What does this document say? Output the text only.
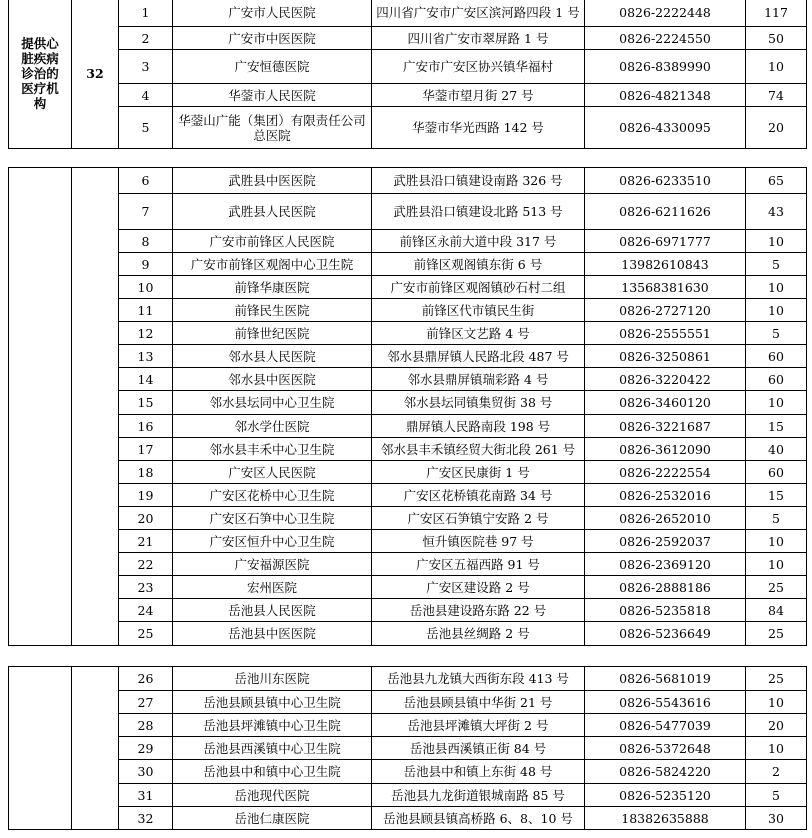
提供心
脏疾病
诊治的
医疗机
构	32	1	广安市人民医院	四川省广安市广安区滨河路四段 1 号	0826-2222448	117
		2	广安市中医医院	四川省广安市翠屏路 1 号	0826-2224550	50
		3	广安恒德医院	广安市广安区协兴镇华福村	0826-8389990	10
		4	华蓥市人民医院	华蓥市望月街 27 号	0826-4821348	74
		5	华蓥山广能（集团）有限责任公司总医院	华蓥市华光西路 142 号	0826-4330095	20
		6	武胜县中医医院	武胜县沿口镇建设南路 326 号	0826-6233510	65
		7	武胜县人民医院	武胜县沿口镇建设北路 513 号	0826-6211626	43
		8	广安市前锋区人民医院	前锋区永前大道中段 317 号	0826-6971777	10
		9	广安市前锋区观阁中心卫生院	前锋区观阁镇东街 6 号	13982610843	5
		10	前锋华康医院	广安市前锋区观阁镇砂石村二组	13568381630	10
		11	前锋民生医院	前锋区代市镇民生街	0826-2727120	10
		12	前锋世纪医院	前锋区文艺路 4 号	0826-2555551	5
		13	邻水县人民医院	邻水县鼎屏镇人民路北段 487 号	0826-3250861	60
		14	邻水县中医医院	邻水县鼎屏镇瑞彩路 4 号	0826-3220422	60
		15	邻水县坛同中心卫生院	邻水县坛同镇集贸街 38 号	0826-3460120	10
		16	邻水学仕医院	鼎屏镇人民路南段 198 号	0826-3221687	15
		17	邻水县丰禾中心卫生院	邻水县丰禾镇经贸大街北段 261 号	0826-3612090	40
		18	广安区人民医院	广安区民康街 1 号	0826-2222554	60
		19	广安区花桥中心卫生院	广安区花桥镇花南路 34 号	0826-2532016	15
		20	广安区石笋中心卫生院	广安区石笋镇宁安路 2 号	0826-2652010	5
		21	广安区恒升中心卫生院	恒升镇医院巷 97 号	0826-2592037	10
		22	广安福源医院	广安区五福西路 91 号	0826-2369120	10
		23	宏州医院	广安区建设路 2 号	0826-2888186	25
		24	岳池县人民医院	岳池县建设路东路 22 号	0826-5235818	84
		25	岳池县中医医院	岳池县丝绸路 2 号	0826-5236649	25
		26	岳池川东医院	岳池县九龙镇大西街东段 413 号	0826-5681019	25
		27	岳池县顾县镇中心卫生院	岳池县顾县镇中华街 21 号	0826-5543616	10
		28	岳池县坪滩镇中心卫生院	岳池县坪滩镇大坪街 2 号	0826-5477039	20
		29	岳池县西溪镇中心卫生院	岳池县西溪镇正街 84 号	0826-5372648	10
		30	岳池县中和镇中心卫生院	岳池县中和镇上东街 48 号	0826-5824220	2
		31	岳池现代医院	岳池县九龙街道银城南路 85 号	0826-5235120	5
		32	岳池仁康医院	岳池县顾县镇高桥路 6、8、10 号	18382635888	30
